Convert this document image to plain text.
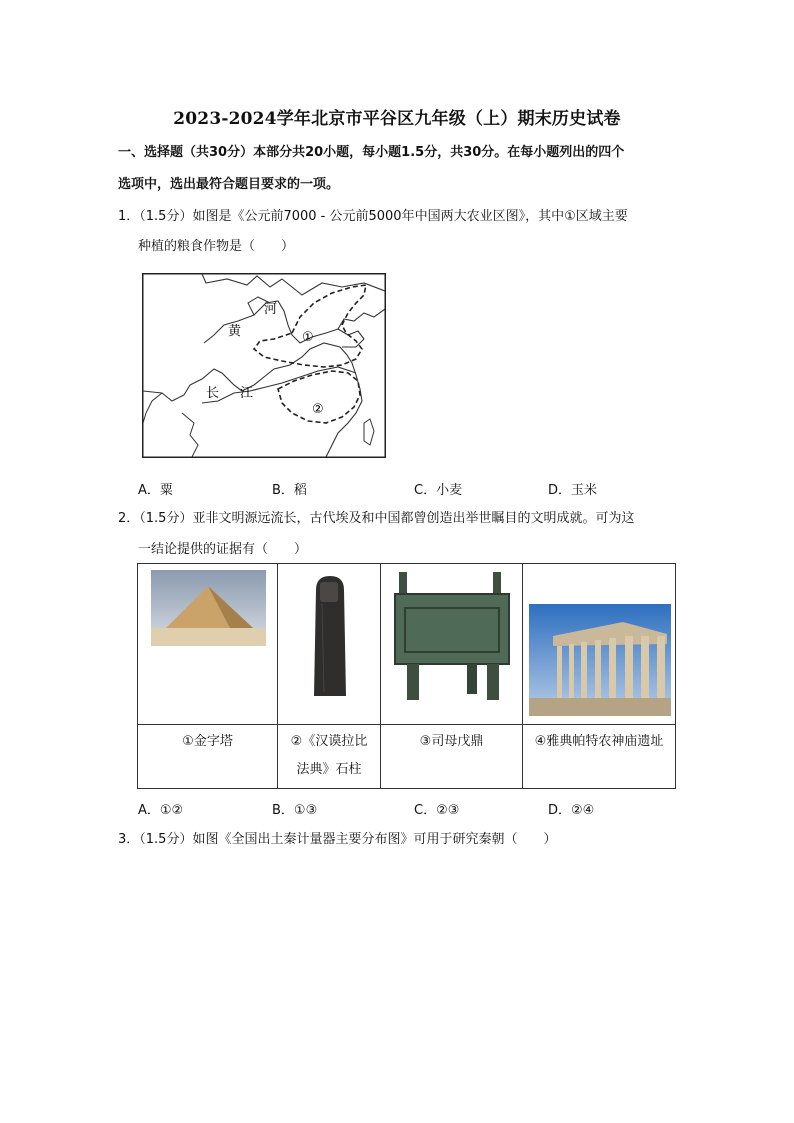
2023-2024学年北京市平谷区九年级（上）期末历史试卷
一、选择题（共30分）本部分共20小题，每小题1.5分，共30分。在每小题列出的四个
选项中，选出最符合题目要求的一项。
1．（1.5分）如图是《公元前7000 - 公元前5000年中国两大农业区图》，其中①区域主要
种植的粮食作物是（　　）
黄
河
①
长 江
②
A．粟	B．稻	C．小麦	D．玉米
2．（1.5分）亚非文明源远流长，古代埃及和中国都曾创造出举世瞩目的文明成就。可为这
一结论提供的证据有（　　）

①金字塔	②《汉谟拉比
法典》石柱	③司母戊鼎	④雅典帕特农神庙遗址
A．①②	B．①③	C．②③	D．②④
3．（1.5分）如图《全国出土秦计量器主要分布图》可用于研究秦朝（　　）
